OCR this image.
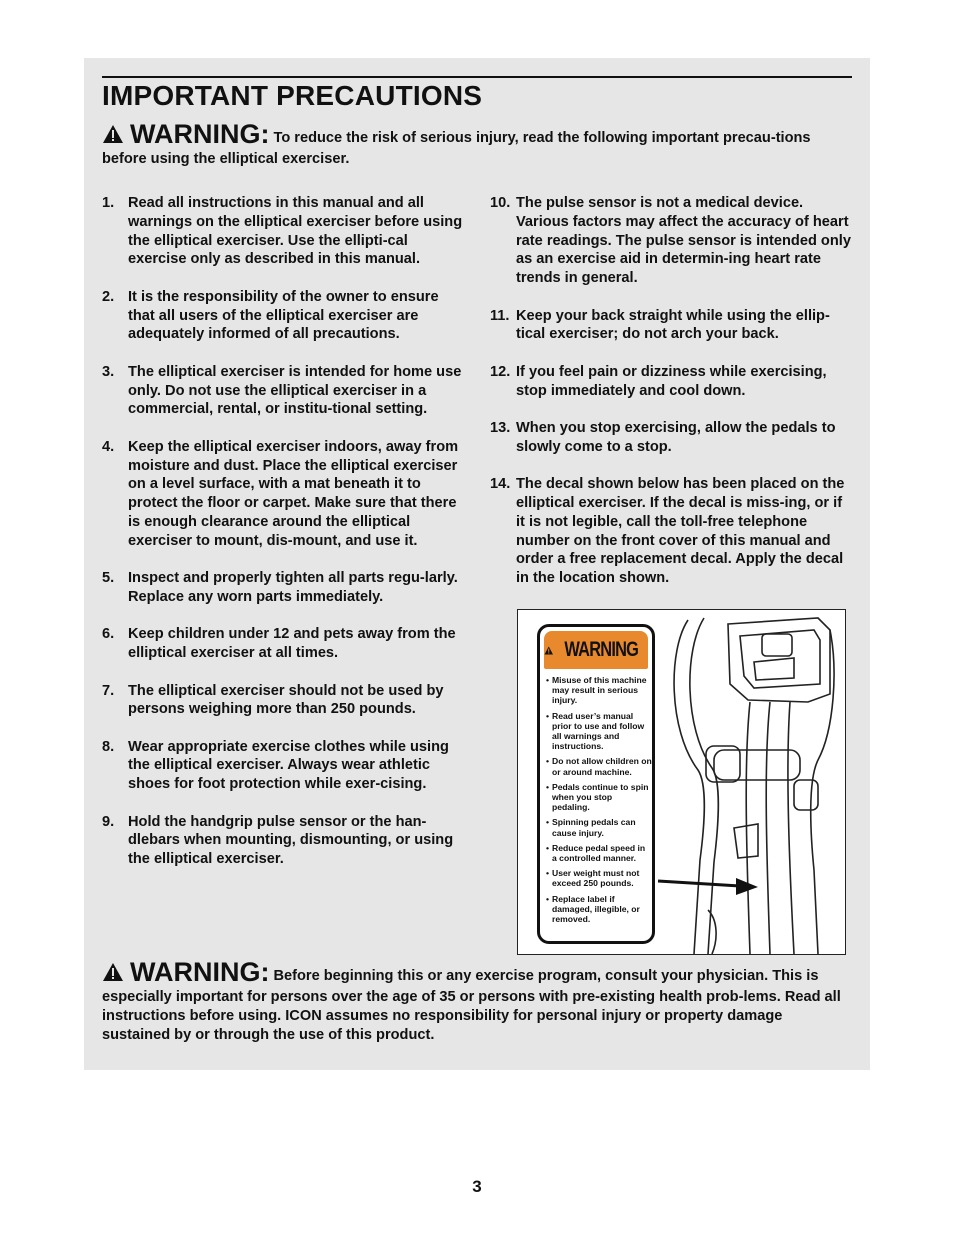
IMPORTANT PRECAUTIONS
WARNING: To reduce the risk of serious injury, read the following important precau-tions before using the elliptical exerciser.
1. Read all instructions in this manual and all warnings on the elliptical exerciser before using the elliptical exerciser. Use the ellipti-cal exercise only as described in this manual.
2. It is the responsibility of the owner to ensure that all users of the elliptical exerciser are adequately informed of all precautions.
3. The elliptical exerciser is intended for home use only. Do not use the elliptical exerciser in a commercial, rental, or institu-tional setting.
4. Keep the elliptical exerciser indoors, away from moisture and dust. Place the elliptical exerciser on a level surface, with a mat beneath it to protect the floor or carpet. Make sure that there is enough clearance around the elliptical exerciser to mount, dis-mount, and use it.
5. Inspect and properly tighten all parts regu-larly. Replace any worn parts immediately.
6. Keep children under 12 and pets away from the elliptical exerciser at all times.
7. The elliptical exerciser should not be used by persons weighing more than 250 pounds.
8. Wear appropriate exercise clothes while using the elliptical exerciser. Always wear athletic shoes for foot protection while exer-cising.
9. Hold the handgrip pulse sensor or the han-dlebars when mounting, dismounting, or using the elliptical exerciser.
10. The pulse sensor is not a medical device. Various factors may affect the accuracy of heart rate readings. The pulse sensor is intended only as an exercise aid in determin-ing heart rate trends in general.
11. Keep your back straight while using the ellip-tical exerciser; do not arch your back.
12. If you feel pain or dizziness while exercising, stop immediately and cool down.
13. When you stop exercising, allow the pedals to slowly come to a stop.
14. The decal shown below has been placed on the elliptical exerciser. If the decal is miss-ing, or if it is not legible, call the toll-free telephone number on the front cover of this manual and order a free replacement decal. Apply the decal in the location shown.
WARNING
• Misuse of this machine may result in serious injury.
• Read user’s manual prior to use and follow all warnings and instructions.
• Do not allow children on or around machine.
• Pedals continue to spin when you stop pedaling.
• Spinning pedals can cause injury.
• Reduce pedal speed in a controlled manner.
• User weight must not exceed 250 pounds.
• Replace label if damaged, illegible, or removed.
WARNING: Before beginning this or any exercise program, consult your physician. This is especially important for persons over the age of 35 or persons with pre-existing health prob-lems. Read all instructions before using. ICON assumes no responsibility for personal injury or property damage sustained by or through the use of this product.
3
